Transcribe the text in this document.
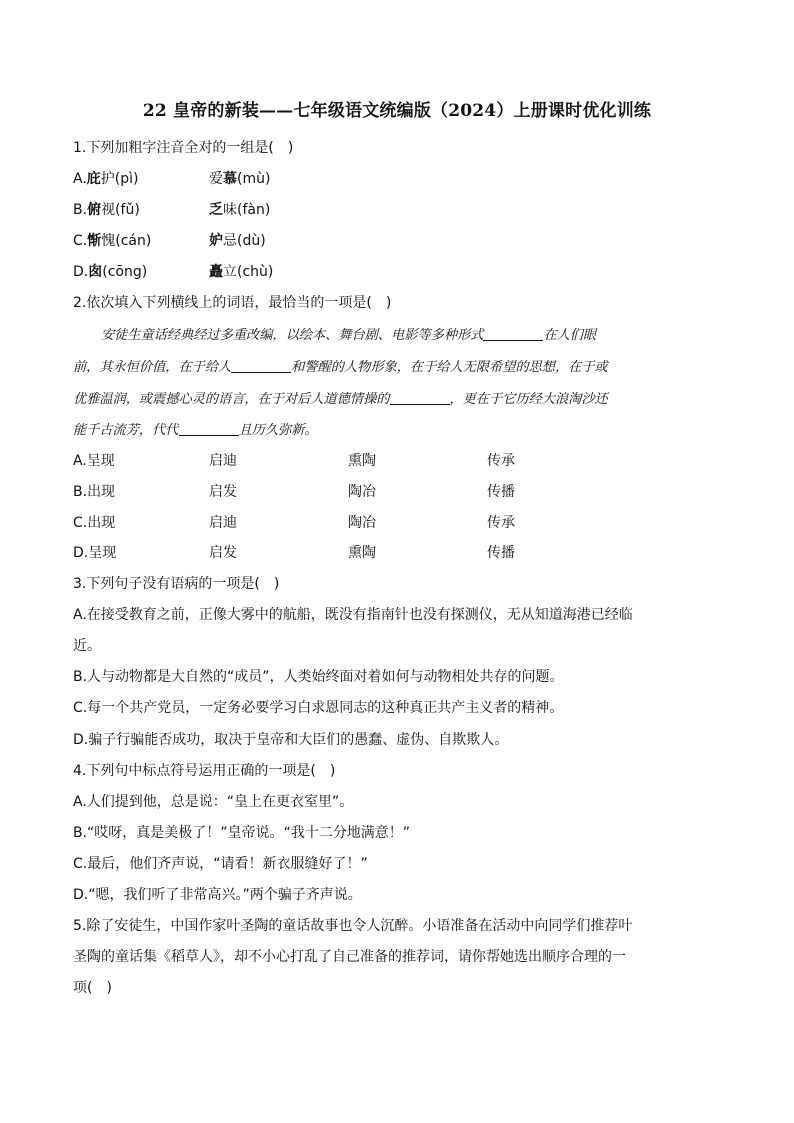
22 皇帝的新装——七年级语文统编版（2024）上册课时优化训练
1.下列加粗字注音全对的一组是(　)
A.庇护(pì)	爱慕(mù)
B.俯视(fǔ)	乏味(fàn)
C.惭愧(cán)	妒忌(dù)
D.囱(cōng)	矗立(chù)
2.依次填入下列横线上的词语，最恰当的一项是(　)
安徒生童话经典经过多重改编，以绘本、舞台剧、电影等多种形式	在人们眼
前，其永恒价值，在于给人	和警醒的人物形象，在于给人无限希望的思想，在于或
优雅温润，或震撼心灵的语言，在于对后人道德情操的	，更在于它历经大浪淘沙还
能千古流芳，代代	且历久弥新。
A.呈现	启迪	熏陶	传承
B.出现	启发	陶冶	传播
C.出现	启迪	陶冶	传承
D.呈现	启发	熏陶	传播
3.下列句子没有语病的一项是(　)
A.在接受教育之前，正像大雾中的航船，既没有指南针也没有探测仪，无从知道海港已经临
近。
B.人与动物都是大自然的“成员”，人类始终面对着如何与动物相处共存的问题。
C.每一个共产党员，一定务必要学习白求恩同志的这种真正共产主义者的精神。
D.骗子行骗能否成功，取决于皇帝和大臣们的愚蠢、虚伪、自欺欺人。
4.下列句中标点符号运用正确的一项是(　)
A.人们提到他，总是说：“皇上在更衣室里”。
B.“哎呀，真是美极了！”皇帝说。“我十二分地满意！”
C.最后，他们齐声说，“请看！新衣服缝好了！”
D.“嗯，我们听了非常高兴。”两个骗子齐声说。
5.除了安徒生，中国作家叶圣陶的童话故事也令人沉醉。小语准备在活动中向同学们推荐叶
圣陶的童话集《稻草人》，却不小心打乱了自己准备的推荐词，请你帮她选出顺序合理的一
项(　)
